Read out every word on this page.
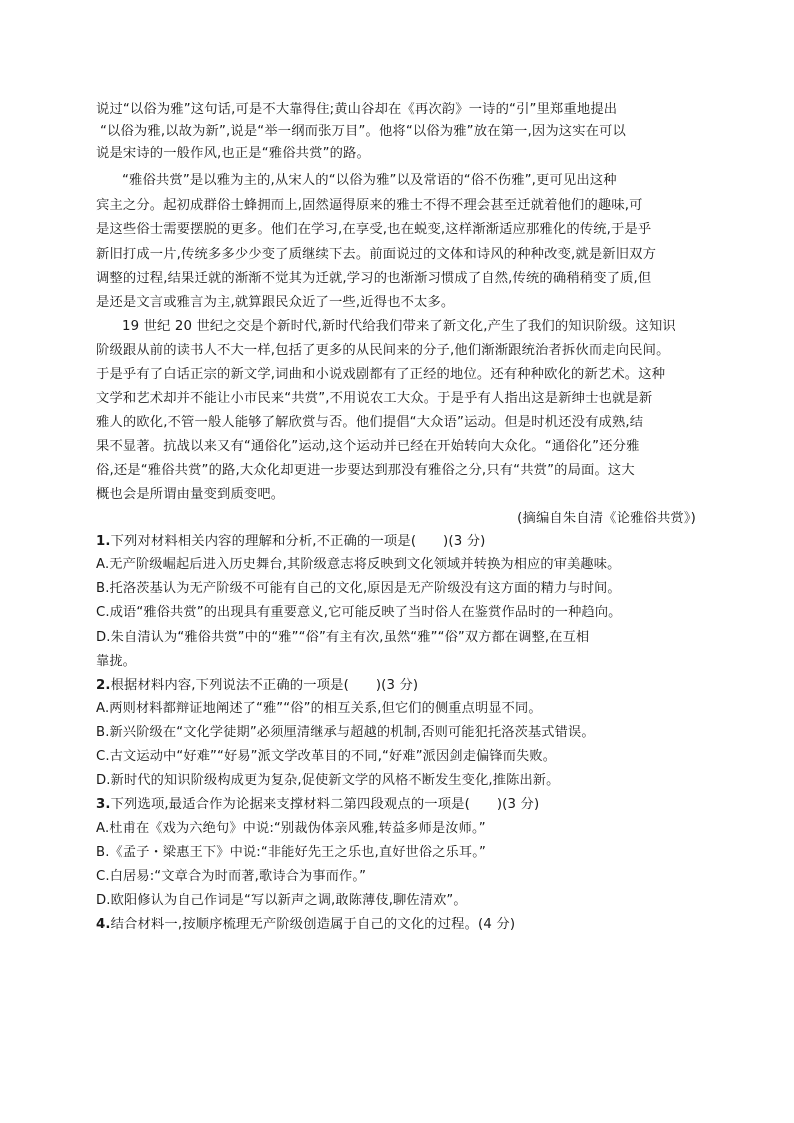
说过“以俗为雅”这句话,可是不大靠得住;黄山谷却在《再次韵》一诗的“引”里郑重地提出
“以俗为雅,以故为新”,说是“举一纲而张万目”。他将“以俗为雅”放在第一,因为这实在可以
说是宋诗的一般作风,也正是“雅俗共赏”的路。
“雅俗共赏”是以雅为主的,从宋人的“以俗为雅”以及常语的“俗不伤雅”,更可见出这种
宾主之分。起初成群俗士蜂拥而上,固然逼得原来的雅士不得不理会甚至迁就着他们的趣味,可
是这些俗士需要摆脱的更多。他们在学习,在享受,也在蜕变,这样渐渐适应那雅化的传统,于是乎
新旧打成一片,传统多多少少变了质继续下去。前面说过的文体和诗风的种种改变,就是新旧双方
调整的过程,结果迁就的渐渐不觉其为迁就,学习的也渐渐习惯成了自然,传统的确稍稍变了质,但
是还是文言或雅言为主,就算跟民众近了一些,近得也不太多。
19 世纪 20 世纪之交是个新时代,新时代给我们带来了新文化,产生了我们的知识阶级。这知识
阶级跟从前的读书人不大一样,包括了更多的从民间来的分子,他们渐渐跟统治者拆伙而走向民间。
于是乎有了白话正宗的新文学,词曲和小说戏剧都有了正经的地位。还有种种欧化的新艺术。这种
文学和艺术却并不能让小市民来“共赏”,不用说农工大众。于是乎有人指出这是新绅士也就是新
雅人的欧化,不管一般人能够了解欣赏与否。他们提倡“大众语”运动。但是时机还没有成熟,结
果不显著。抗战以来又有“通俗化”运动,这个运动并已经在开始转向大众化。“通俗化”还分雅
俗,还是“雅俗共赏”的路,大众化却更进一步要达到那没有雅俗之分,只有“共赏”的局面。这大
概也会是所谓由量变到质变吧。
(摘编自朱自清《论雅俗共赏》)
1.下列对材料相关内容的理解和分析,不正确的一项是(　　)(3 分)
A.无产阶级崛起后进入历史舞台,其阶级意志将反映到文化领域并转换为相应的审美趣味。
B.托洛茨基认为无产阶级不可能有自己的文化,原因是无产阶级没有这方面的精力与时间。
C.成语“雅俗共赏”的出现具有重要意义,它可能反映了当时俗人在鉴赏作品时的一种趋向。
D.朱自清认为“雅俗共赏”中的“雅”“俗”有主有次,虽然“雅”“俗”双方都在调整,在互相
靠拢。
2.根据材料内容,下列说法不正确的一项是(　　)(3 分)
A.两则材料都辩证地阐述了“雅”“俗”的相互关系,但它们的侧重点明显不同。
B.新兴阶级在“文化学徒期”必须厘清继承与超越的机制,否则可能犯托洛茨基式错误。
C.古文运动中“好难”“好易”派文学改革目的不同,“好难”派因剑走偏锋而失败。
D.新时代的知识阶级构成更为复杂,促使新文学的风格不断发生变化,推陈出新。
3.下列选项,最适合作为论据来支撑材料二第四段观点的一项是(　　)(3 分)
A.杜甫在《戏为六绝句》中说:“别裁伪体亲风雅,转益多师是汝师。”
B.《孟子・梁惠王下》中说:“非能好先王之乐也,直好世俗之乐耳。”
C.白居易:“文章合为时而著,歌诗合为事而作。”
D.欧阳修认为自己作词是“写以新声之调,敢陈薄伎,聊佐清欢”。
4.结合材料一,按顺序梳理无产阶级创造属于自己的文化的过程。(4 分)
